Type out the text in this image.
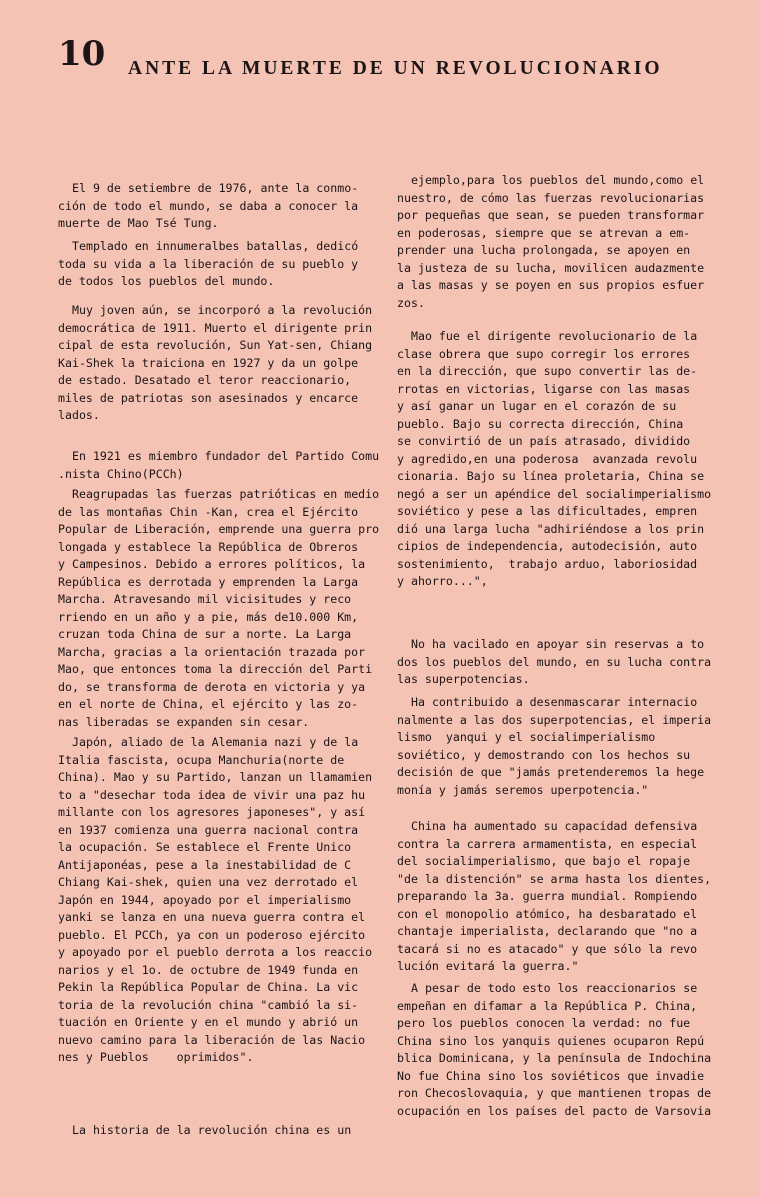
10 ANTE LA MUERTE DE UN REVOLUCIONARIO
El 9 de setiembre de 1976, ante la conmo-
ción de todo el mundo, se daba a conocer la
muerte de Mao Tsé Tung.
Templado en innumeralbes batallas, dedicó
toda su vida a la liberación de su pueblo y
de todos los pueblos del mundo.
Muy joven aún, se incorporó a la revolución
democrática de 1911. Muerto el dirigente prin
cipal de esta revolución, Sun Yat-sen, Chiang
Kai-Shek la traiciona en 1927 y da un golpe
de estado. Desatado el teror reaccionario,
miles de patriotas son asesinados y encarce
lados.
En 1921 es miembro fundador del Partido Comu
.nista Chino(PCCh)
Reagrupadas las fuerzas patrióticas en medio
de las montañas Chin -Kan, crea el Ejército
Popular de Liberación, emprende una guerra pro
longada y establece la República de Obreros
y Campesinos. Debido a errores políticos, la
República es derrotada y emprenden la Larga
Marcha. Atravesando mil vicisitudes y reco
rriendo en un año y a pie, más de10.000 Km,
cruzan toda China de sur a norte. La Larga
Marcha, gracias a la orientación trazada por
Mao, que entonces toma la dirección del Parti
do, se transforma de derota en victoria y ya
en el norte de China, el ejército y las zo-
nas liberadas se expanden sin cesar.
Japón, aliado de la Alemania nazi y de la
Italia fascista, ocupa Manchuria(norte de
China). Mao y su Partido, lanzan un llamamien
to a "desechar toda idea de vivir una paz hu
millante con los agresores japoneses", y así
en 1937 comienza una guerra nacional contra
la ocupación. Se establece el Frente Unico
Antijaponéas, pese a la inestabilidad de C
Chiang Kai-shek, quien una vez derrotado el
Japón en 1944, apoyado por el imperialismo
yanki se lanza en una nueva guerra contra el
pueblo. El PCCh, ya con un poderoso ejército
y apoyado por el pueblo derrota a los reaccio
narios y el 1o. de octubre de 1949 funda en
Pekin la República Popular de China. La vic
toria de la revolución china "cambió la si-
tuación en Oriente y en el mundo y abrió un
nuevo camino para la liberación de las Nacio
nes y Pueblos    oprimidos".
La historia de la revolución china es un
ejemplo,para los pueblos del mundo,como el
nuestro, de cómo las fuerzas revolucionarias
por pequeñas que sean, se pueden transformar
en poderosas, siempre que se atrevan a em-
prender una lucha prolongada, se apoyen en
la justeza de su lucha, movilicen audazmente
a las masas y se poyen en sus propios esfuer
zos.
Mao fue el dirigente revolucionario de la
clase obrera que supo corregir los errores
en la dirección, que supo convertir las de-
rrotas en victorias, ligarse con las masas
y así ganar un lugar en el corazón de su
pueblo. Bajo su correcta dirección, China
se convirtió de un país atrasado, dividido
y agredido,en una poderosa  avanzada revolu
cionaria. Bajo su línea proletaria, China se
negó a ser un apéndice del socialimperialismo
soviético y pese a las dificultades, empren
dió una larga lucha "adhiriéndose a los prin
cipios de independencia, autodecisión, auto
sostenimiento,  trabajo arduo, laboriosidad
y ahorro...",
No ha vacilado en apoyar sin reservas a to
dos los pueblos del mundo, en su lucha contra
las superpotencias.
Ha contribuido a desenmascarar internacio
nalmente a las dos superpotencias, el imperia
lismo  yanqui y el socialimperialismo
soviético, y demostrando con los hechos su
decisión de que "jamás pretenderemos la hege
monía y jamás seremos uperpotencia."
China ha aumentado su capacidad defensiva
contra la carrera armamentista, en especial
del socialimperialismo, que bajo el ropaje
"de la distención" se arma hasta los dientes,
preparando la 3a. guerra mundial. Rompiendo
con el monopolio atómico, ha desbaratado el
chantaje imperialista, declarando que "no a
tacará si no es atacado" y que sólo la revo
lución evitará la guerra."
A pesar de todo esto los reaccionarios se
empeñan en difamar a la República P. China,
pero los pueblos conocen la verdad: no fue
China sino los yanquis quienes ocuparon Repú
blica Dominicana, y la península de Indochina
No fue China sino los soviéticos que invadie
ron Checoslovaquia, y que mantienen tropas de
ocupación en los países del pacto de Varsovia
